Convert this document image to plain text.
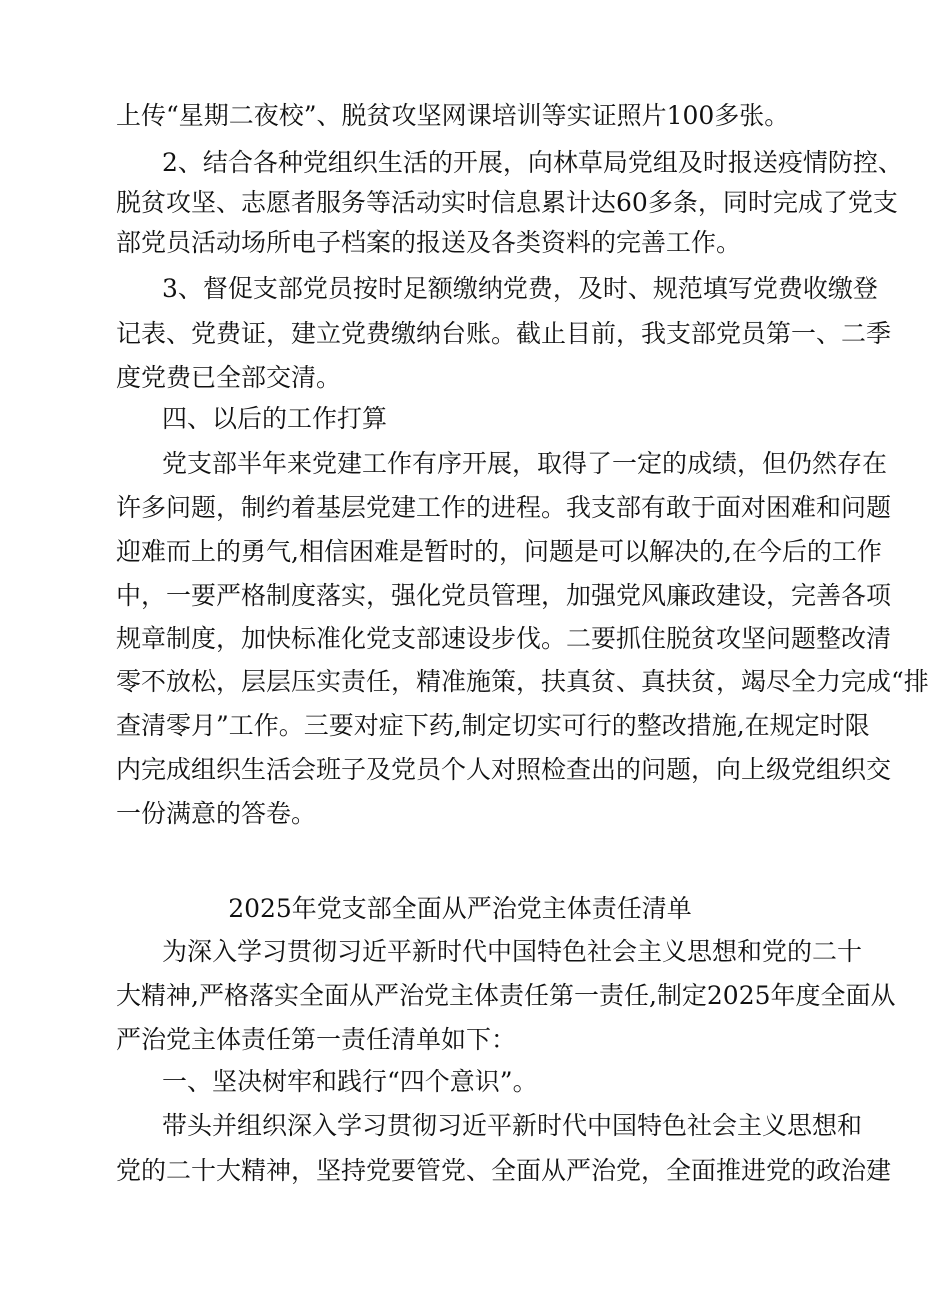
上传“星期二夜校”、脱贫攻坚网课培训等实证照片100多张。
2、结合各种党组织生活的开展，向林草局党组及时报送疫情防控、
脱贫攻坚、志愿者服务等活动实时信息累计达60多条，同时完成了党支
部党员活动场所电子档案的报送及各类资料的完善工作。
3、督促支部党员按时足额缴纳党费，及时、规范填写党费收缴登
记表、党费证，建立党费缴纳台账。截止目前，我支部党员第一、二季
度党费已全部交清。
四、以后的工作打算
党支部半年来党建工作有序开展，取得了一定的成绩，但仍然存在
许多问题，制约着基层党建工作的进程。我支部有敢于面对困难和问题
迎难而上的勇气,相信困难是暂时的，问题是可以解决的,在今后的工作
中，一要严格制度落实，强化党员管理，加强党风廉政建设，完善各项
规章制度，加快标准化党支部速设步伐。二要抓住脱贫攻坚问题整改清
零不放松，层层压实责任，精准施策，扶真贫、真扶贫，竭尽全力完成“排
查清零月”工作。三要对症下药,制定切实可行的整改措施,在规定时限
内完成组织生活会班子及党员个人对照检查出的问题，向上级党组织交
一份满意的答卷。
2025年党支部全面从严治党主体责任清单
为深入学习贯彻习近平新时代中国特色社会主义思想和党的二十
大精神,严格落实全面从严治党主体责任第一责任,制定2025年度全面从
严治党主体责任第一责任清单如下：
一、坚决树牢和践行“四个意识”。
带头并组织深入学习贯彻习近平新时代中国特色社会主义思想和
党的二十大精神，坚持党要管党、全面从严治党，全面推进党的政治建
